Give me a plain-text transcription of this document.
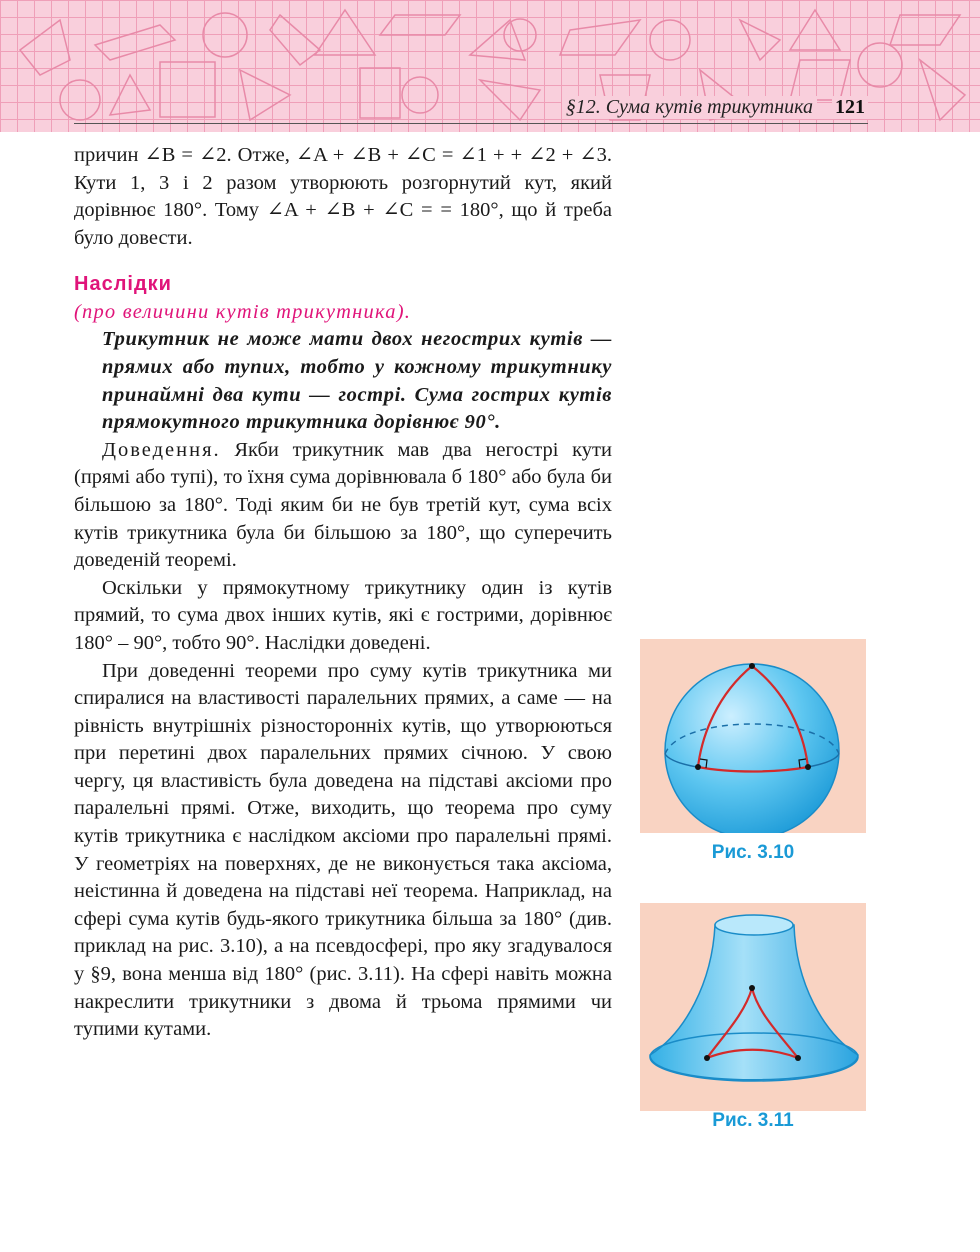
§12. Сума кутів трикутника 121

причин ∠B = ∠2. Отже, ∠A + ∠B + ∠C = ∠1 + + ∠2 + ∠3. Кути 1, 3 і 2 разом утворюють розгорнутий кут, який дорівнює 180°. Тому ∠A + ∠B + ∠C = = 180°, що й треба було довести.

Наслідки
(про величини кутів трикутника).
Трикутник не може мати двох негострих кутів — прямих або тупих, тобто у кожному трикутнику принаймні два кути — гострі. Сума гострих кутів прямокутного трикутника дорівнює 90°.

Доведення. Якби трикутник мав два негострі кути (прямі або тупі), то їхня сума дорівнювала б 180° або була би більшою за 180°. Тоді яким би не був третій кут, сума всіх кутів трикутника була би більшою за 180°, що суперечить доведеній теоремі.

Оскільки у прямокутному трикутнику один із кутів прямий, то сума двох інших кутів, які є гострими, дорівнює 180° – 90°, тобто 90°. Наслідки доведені.

При доведенні теореми про суму кутів трикутника ми спиралися на властивості паралельних прямих, а саме — на рівність внутрішніх різносторонніх кутів, що утворюються при перетині двох паралельних прямих січною. У свою чергу, ця властивість була доведена на підставі аксіоми про паралельні прямі. Отже, виходить, що теорема про суму кутів трикутника є наслідком аксіоми про паралельні прямі. У геометріях на поверхнях, де не виконується така аксіома, неістинна й доведена на підставі неї теорема. Наприклад, на сфері сума кутів будь-якого трикутника більша за 180° (див. приклад на рис. 3.10), а на псевдосфері, про яку згадувалося у §9, вона менша від 180° (рис. 3.11). На сфері навіть можна накреслити трикутники з двома й трьома прямими чи тупими кутами.

Рис. 3.10
Рис. 3.11
